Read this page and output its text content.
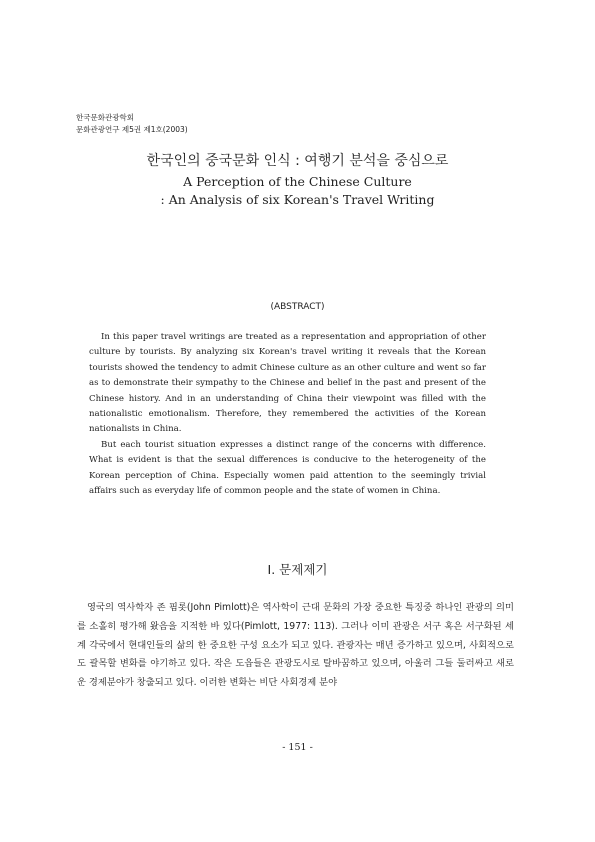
한국문화관광학회
문화관광연구 제5권 제1호(2003)
한국인의 중국문화 인식 : 여행기 분석을 중심으로
A Perception of the Chinese Culture
: An Analysis of six Korean's Travel Writing
(ABSTRACT)

In this paper travel writings are treated as a representation and appropriation of other culture by tourists. By analyzing six Korean's travel writing it reveals that the Korean tourists showed the tendency to admit Chinese culture as an other culture and went so far as to demonstrate their sympathy to the Chinese and belief in the past and present of the Chinese history. And in an understanding of China their viewpoint was filled with the nationalistic emotionalism. Therefore, they remembered the activities of the Korean nationalists in China.

But each tourist situation expresses a distinct range of the concerns with difference. What is evident is that the sexual differences is conducive to the heterogeneity of the Korean perception of China. Especially women paid attention to the seemingly trivial affairs such as everyday life of common people and the state of women in China.

I. 문제제기

영국의 역사학자 존 핌롯(John Pimlott)은 역사학이 근대 문화의 가장 중요한 특징중 하나인 관광의 의미를 소홀히 평가해 왔음을 지적한 바 있다(Pimlott, 1977: 113). 그러나 이미 관광은 서구 혹은 서구화된 세계 각국에서 현대인들의 삶의 한 중요한 구성 요소가 되고 있다. 관광자는 매년 증가하고 있으며, 사회적으로도 괄목할 변화를 야기하고 있다. 작은 도읍들은 관광도시로 탈바꿈하고 있으며, 아울러 그들 둘러싸고 새로운 경제분야가 창출되고 있다. 이러한 변화는 비단 사회경제 분야

- 151 -
